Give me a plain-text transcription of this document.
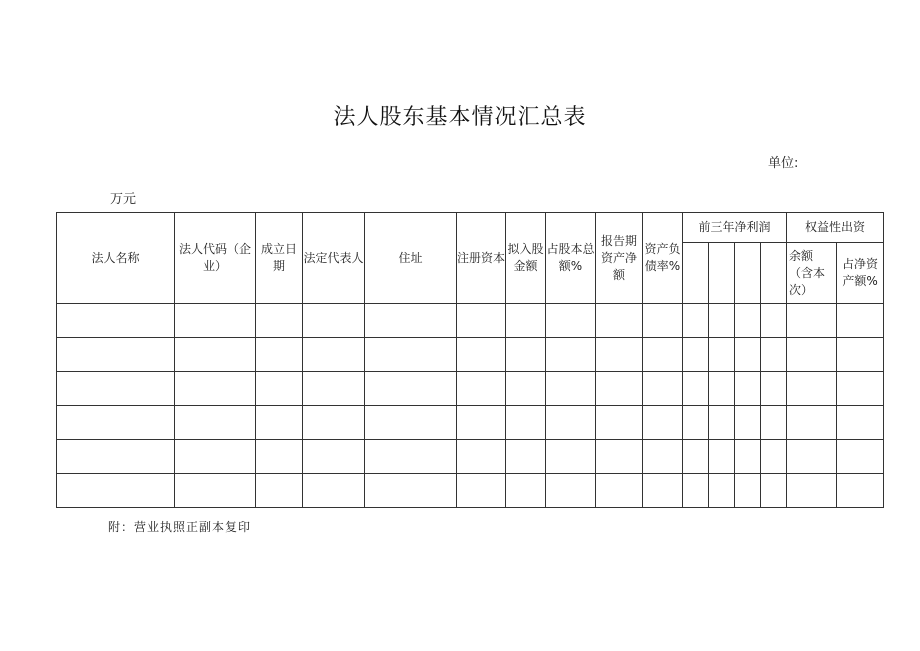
法人股东基本情况汇总表
单位:
万元
法人名称	法人代码（企业）	成立日期	法定代表人	住址	注册资本	拟入股金额	占股本总额%	报告期资产净额	资产负债率%	前三年净利润				权益性出资	
														余额（含本次）	占净资产额%

附：营业执照正副本复印
